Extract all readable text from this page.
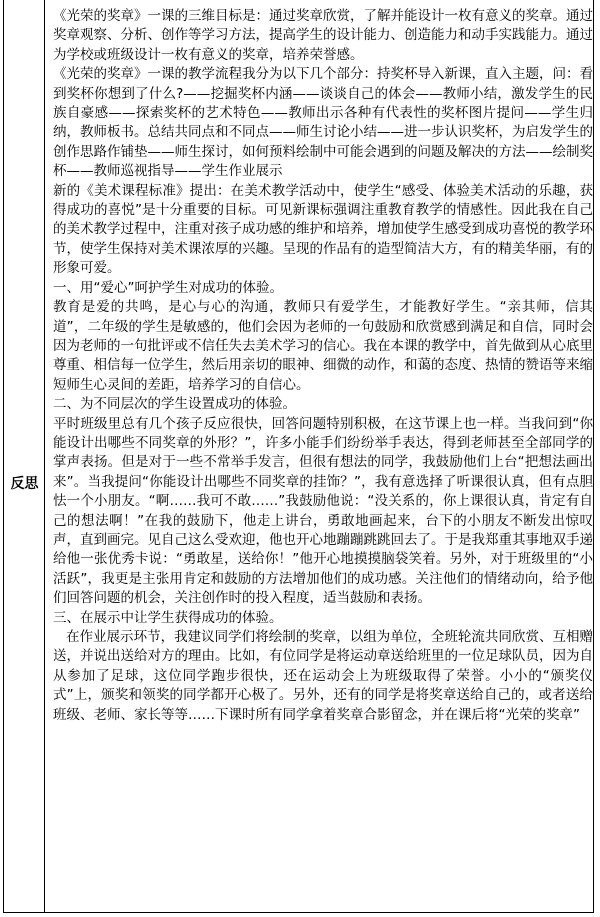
反思

《光荣的奖章》一课的三维目标是：通过奖章欣赏，了解并能设计一枚有意义的奖章。通过奖章观察、分析、创作等学习方法，提高学生的设计能力、创造能力和动手实践能力。通过为学校或班级设计一枚有意义的奖章，培养荣誉感。

《光荣的奖章》一课的教学流程我分为以下几个部分：持奖杯导入新课，直入主题，问：看到奖杯你想到了什么?——挖掘奖杯内涵——谈谈自己的体会——教师小结，激发学生的民族自豪感——探索奖杯的艺术特色——教师出示各种有代表性的奖杯图片提问——学生归纳，教师板书。总结共同点和不同点——师生讨论小结——进一步认识奖杯，为启发学生的创作思路作铺垫——师生探讨，如何预料绘制中可能会遇到的问题及解决的方法——绘制奖杯——教师巡视指导——学生作业展示

新的《美术课程标准》提出：在美术教学活动中，使学生“感受、体验美术活动的乐趣，获得成功的喜悦”是十分重要的目标。可见新课标强调注重教育教学的情感性。因此我在自己的美术教学过程中，注重对孩子成功感的维护和培养，增加使学生感受到成功喜悦的教学环节，使学生保持对美术课浓厚的兴趣。呈现的作品有的造型简洁大方，有的精美华丽，有的形象可爱。

一、用“爱心”呵护学生对成功的体验。

教育是爱的共鸣，是心与心的沟通，教师只有爱学生，才能教好学生。“亲其师，信其道”，二年级的学生是敏感的，他们会因为老师的一句鼓励和欣赏感到满足和自信，同时会因为老师的一句批评或不信任失去美术学习的信心。我在本课的教学中，首先做到从心底里尊重、相信每一位学生，然后用亲切的眼神、细微的动作，和蔼的态度、热情的赞语等来缩短师生心灵间的差距，培养学习的自信心。

二、为不同层次的学生设置成功的体验。

平时班级里总有几个孩子反应很快，回答问题特别积极，在这节课上也一样。当我问到“你能设计出哪些不同奖章的外形？”，许多小能手们纷纷举手表达，得到老师甚至全部同学的掌声表扬。但是对于一些不常举手发言，但很有想法的同学，我鼓励他们上台“把想法画出来”。当我提问“你能设计出哪些不同奖章的挂饰？”，我有意选择了听课很认真，但有点胆怯一个小朋友。“啊……我可不敢……”我鼓励他说：“没关系的，你上课很认真，肯定有自己的想法啊！”在我的鼓励下，他走上讲台，勇敢地画起来，台下的小朋友不断发出惊叹声，直到画完。见自己这么受欢迎，他也开心地蹦蹦跳跳回去了。于是我郑重其事地双手递给他一张优秀卡说：“勇敢星，送给你！”他开心地摸摸脑袋笑着。另外，对于班级里的“小活跃”，我更是主张用肯定和鼓励的方法增加他们的成功感。关注他们的情绪动向，给予他们回答问题的机会，关注创作时的投入程度，适当鼓励和表扬。

三、在展示中让学生获得成功的体验。

在作业展示环节，我建议同学们将绘制的奖章，以组为单位，全班轮流共同欣赏、互相赠送，并说出送给对方的理由。比如，有位同学是将运动章送给班里的一位足球队员，因为自从参加了足球，这位同学跑步很快，还在运动会上为班级取得了荣誉。小小的“颁奖仪式”上，颁奖和领奖的同学都开心极了。另外，还有的同学是将奖章送给自己的，或者送给班级、老师、家长等等……下课时所有同学拿着奖章合影留念，并在课后将“光荣的奖章”
